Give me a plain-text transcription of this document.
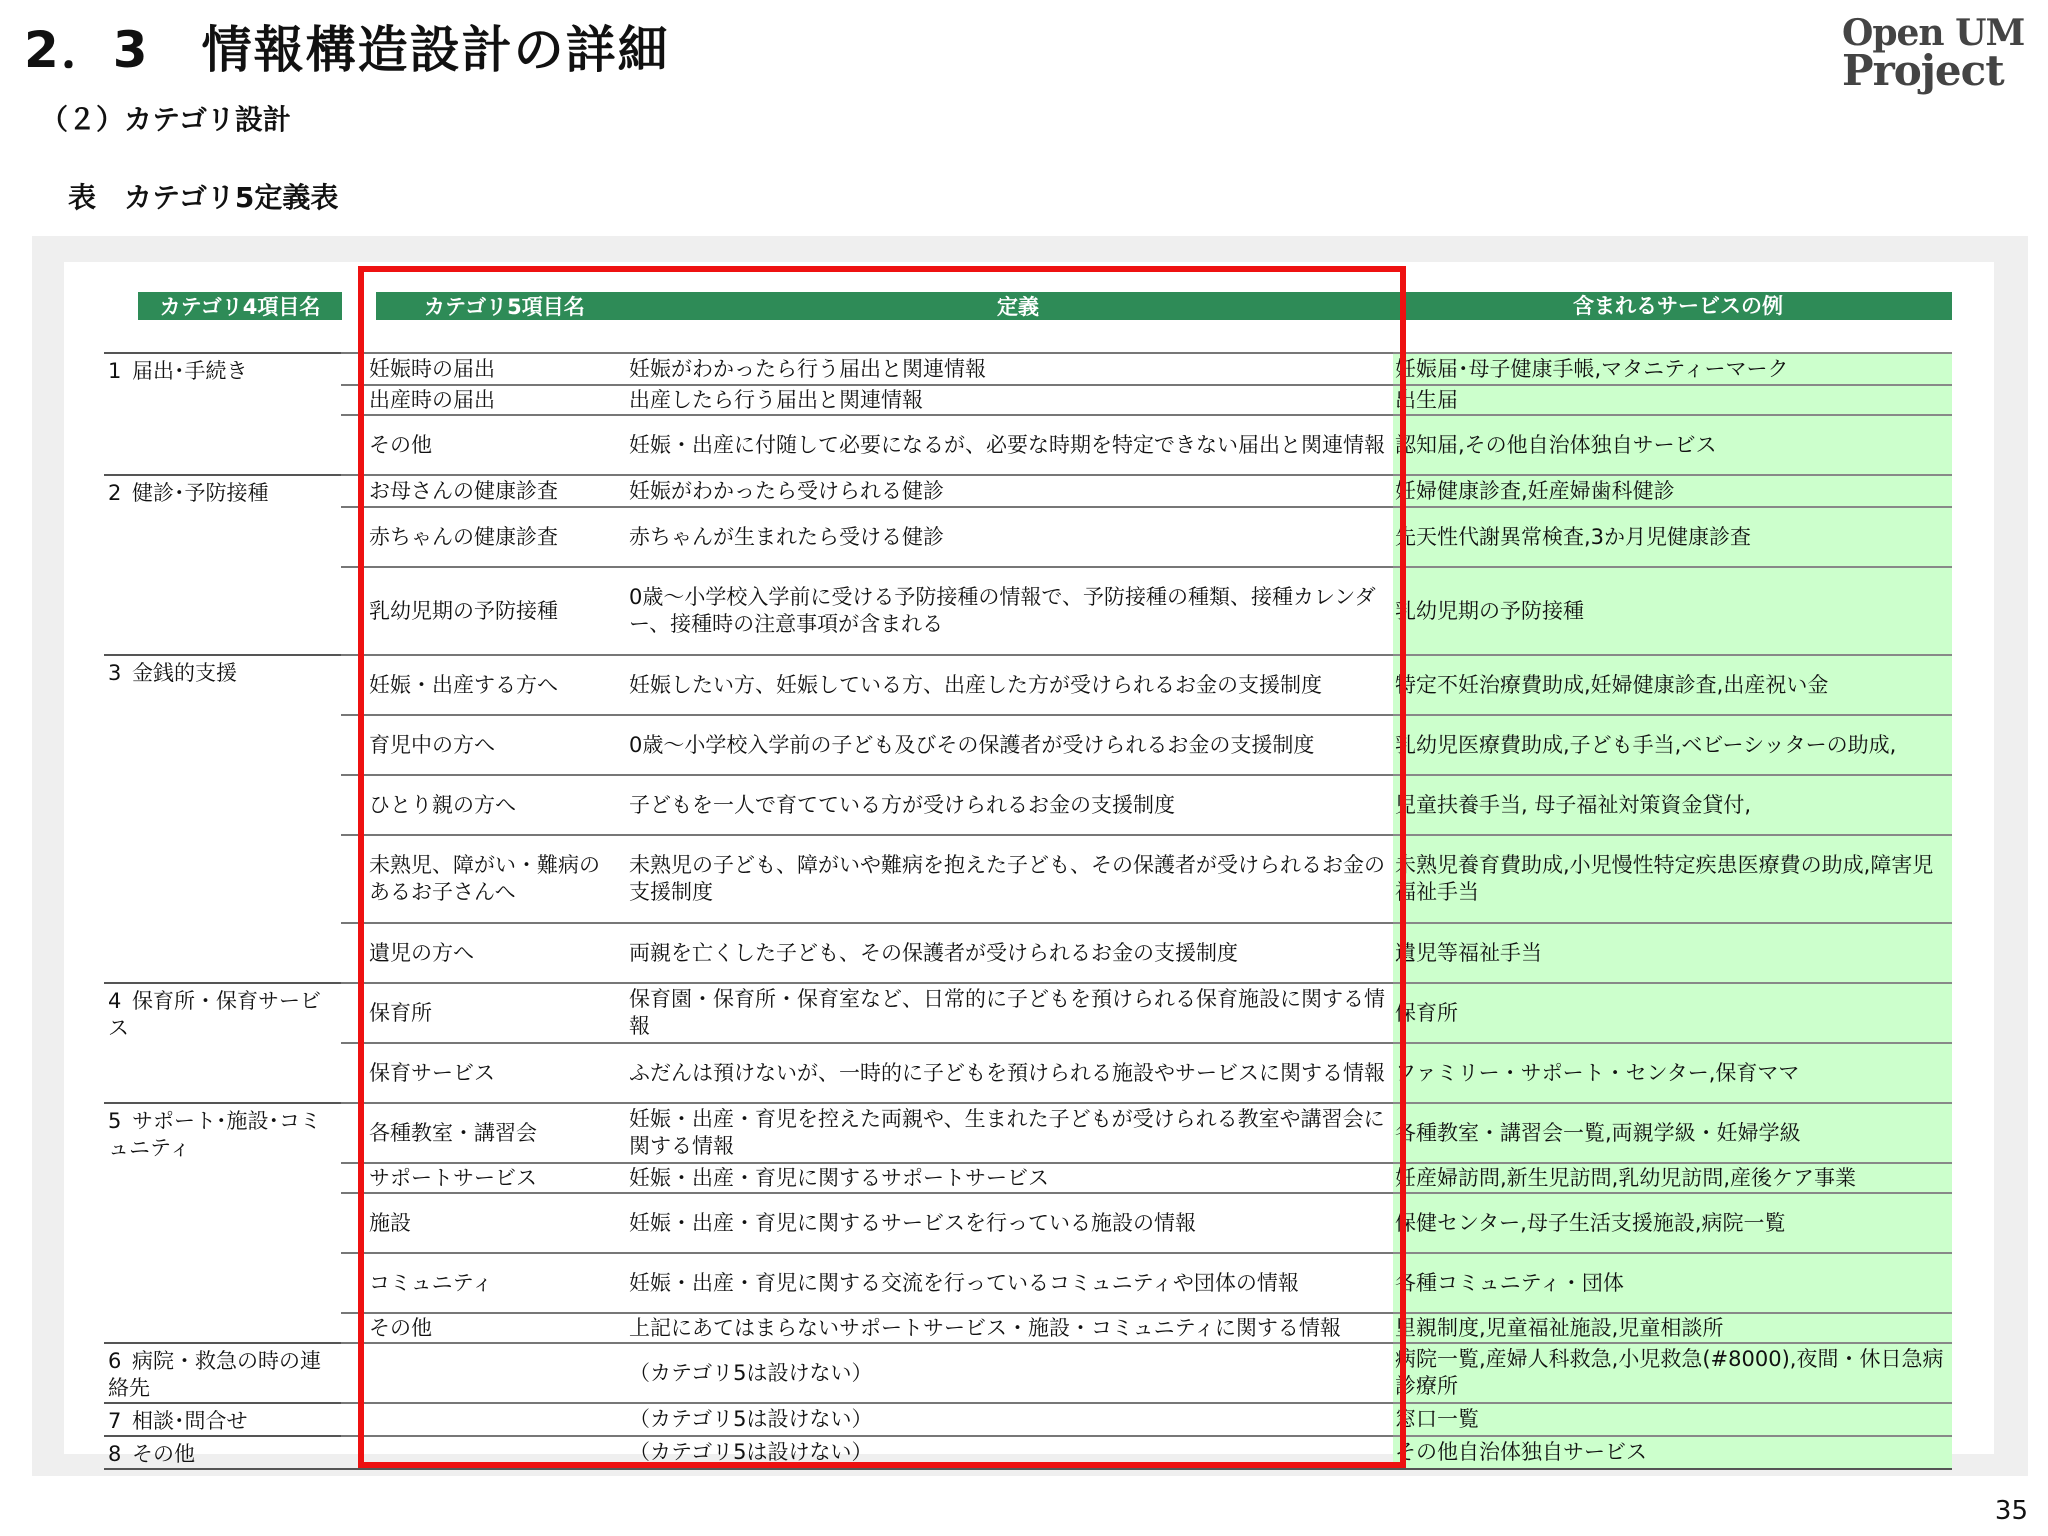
2．3　情報構造設計の詳細	Open UM
Project
（２）カテゴリ設計
表　カテゴリ5定義表
カテゴリ4項目名	カテゴリ5項目名	定義	含まれるサービスの例
1 届出･手続き	妊娠時の届出	妊娠がわかったら行う届出と関連情報	妊娠届･母子健康手帳,マタニティーマーク
	出産時の届出	出産したら行う届出と関連情報	出生届
	その他	妊娠・出産に付随して必要になるが、必要な時期を特定できない届出と関連情報	認知届,その他自治体独自サービス
2 健診･予防接種	お母さんの健康診査	妊娠がわかったら受けられる健診	妊婦健康診査,妊産婦歯科健診
	赤ちゃんの健康診査	赤ちゃんが生まれたら受ける健診	先天性代謝異常検査,3か月児健康診査
	乳幼児期の予防接種	0歳～小学校入学前に受ける予防接種の情報で、予防接種の種類、接種カレンダー、接種時の注意事項が含まれる	乳幼児期の予防接種
3 金銭的支援	妊娠・出産する方へ	妊娠したい方、妊娠している方、出産した方が受けられるお金の支援制度	特定不妊治療費助成,妊婦健康診査,出産祝い金
	育児中の方へ	0歳～小学校入学前の子ども及びその保護者が受けられるお金の支援制度	乳幼児医療費助成,子ども手当,ベビーシッターの助成,
	ひとり親の方へ	子どもを一人で育てている方が受けられるお金の支援制度	児童扶養手当, 母子福祉対策資金貸付,
	未熟児、障がい・難病のあるお子さんへ	未熟児の子ども、障がいや難病を抱えた子ども、その保護者が受けられるお金の支援制度	未熟児養育費助成,小児慢性特定疾患医療費の助成,障害児福祉手当
	遺児の方へ	両親を亡くした子ども、その保護者が受けられるお金の支援制度	遺児等福祉手当
4 保育所・保育サービス	保育所	保育園・保育所・保育室など、日常的に子どもを預けられる保育施設に関する情報	保育所
	保育サービス	ふだんは預けないが、一時的に子どもを預けられる施設やサービスに関する情報	ファミリー・サポート・センター,保育ママ
5 サポート･施設･コミュニティ	各種教室・講習会	妊娠・出産・育児を控えた両親や、生まれた子どもが受けられる教室や講習会に関する情報	各種教室・講習会一覧,両親学級・妊婦学級
	サポートサービス	妊娠・出産・育児に関するサポートサービス	妊産婦訪問,新生児訪問,乳幼児訪問,産後ケア事業
	施設	妊娠・出産・育児に関するサービスを行っている施設の情報	保健センター,母子生活支援施設,病院一覧
	コミュニティ	妊娠・出産・育児に関する交流を行っているコミュニティや団体の情報	各種コミュニティ・団体
	その他	上記にあてはまらないサポートサービス・施設・コミュニティに関する情報	里親制度,児童福祉施設,児童相談所
6 病院・救急の時の連絡先		（カテゴリ5は設けない）	病院一覧,産婦人科救急,小児救急(#8000),夜間・休日急病診療所
7 相談･問合せ		（カテゴリ5は設けない）	窓口一覧
8 その他		（カテゴリ5は設けない）	その他自治体独自サービス
35
